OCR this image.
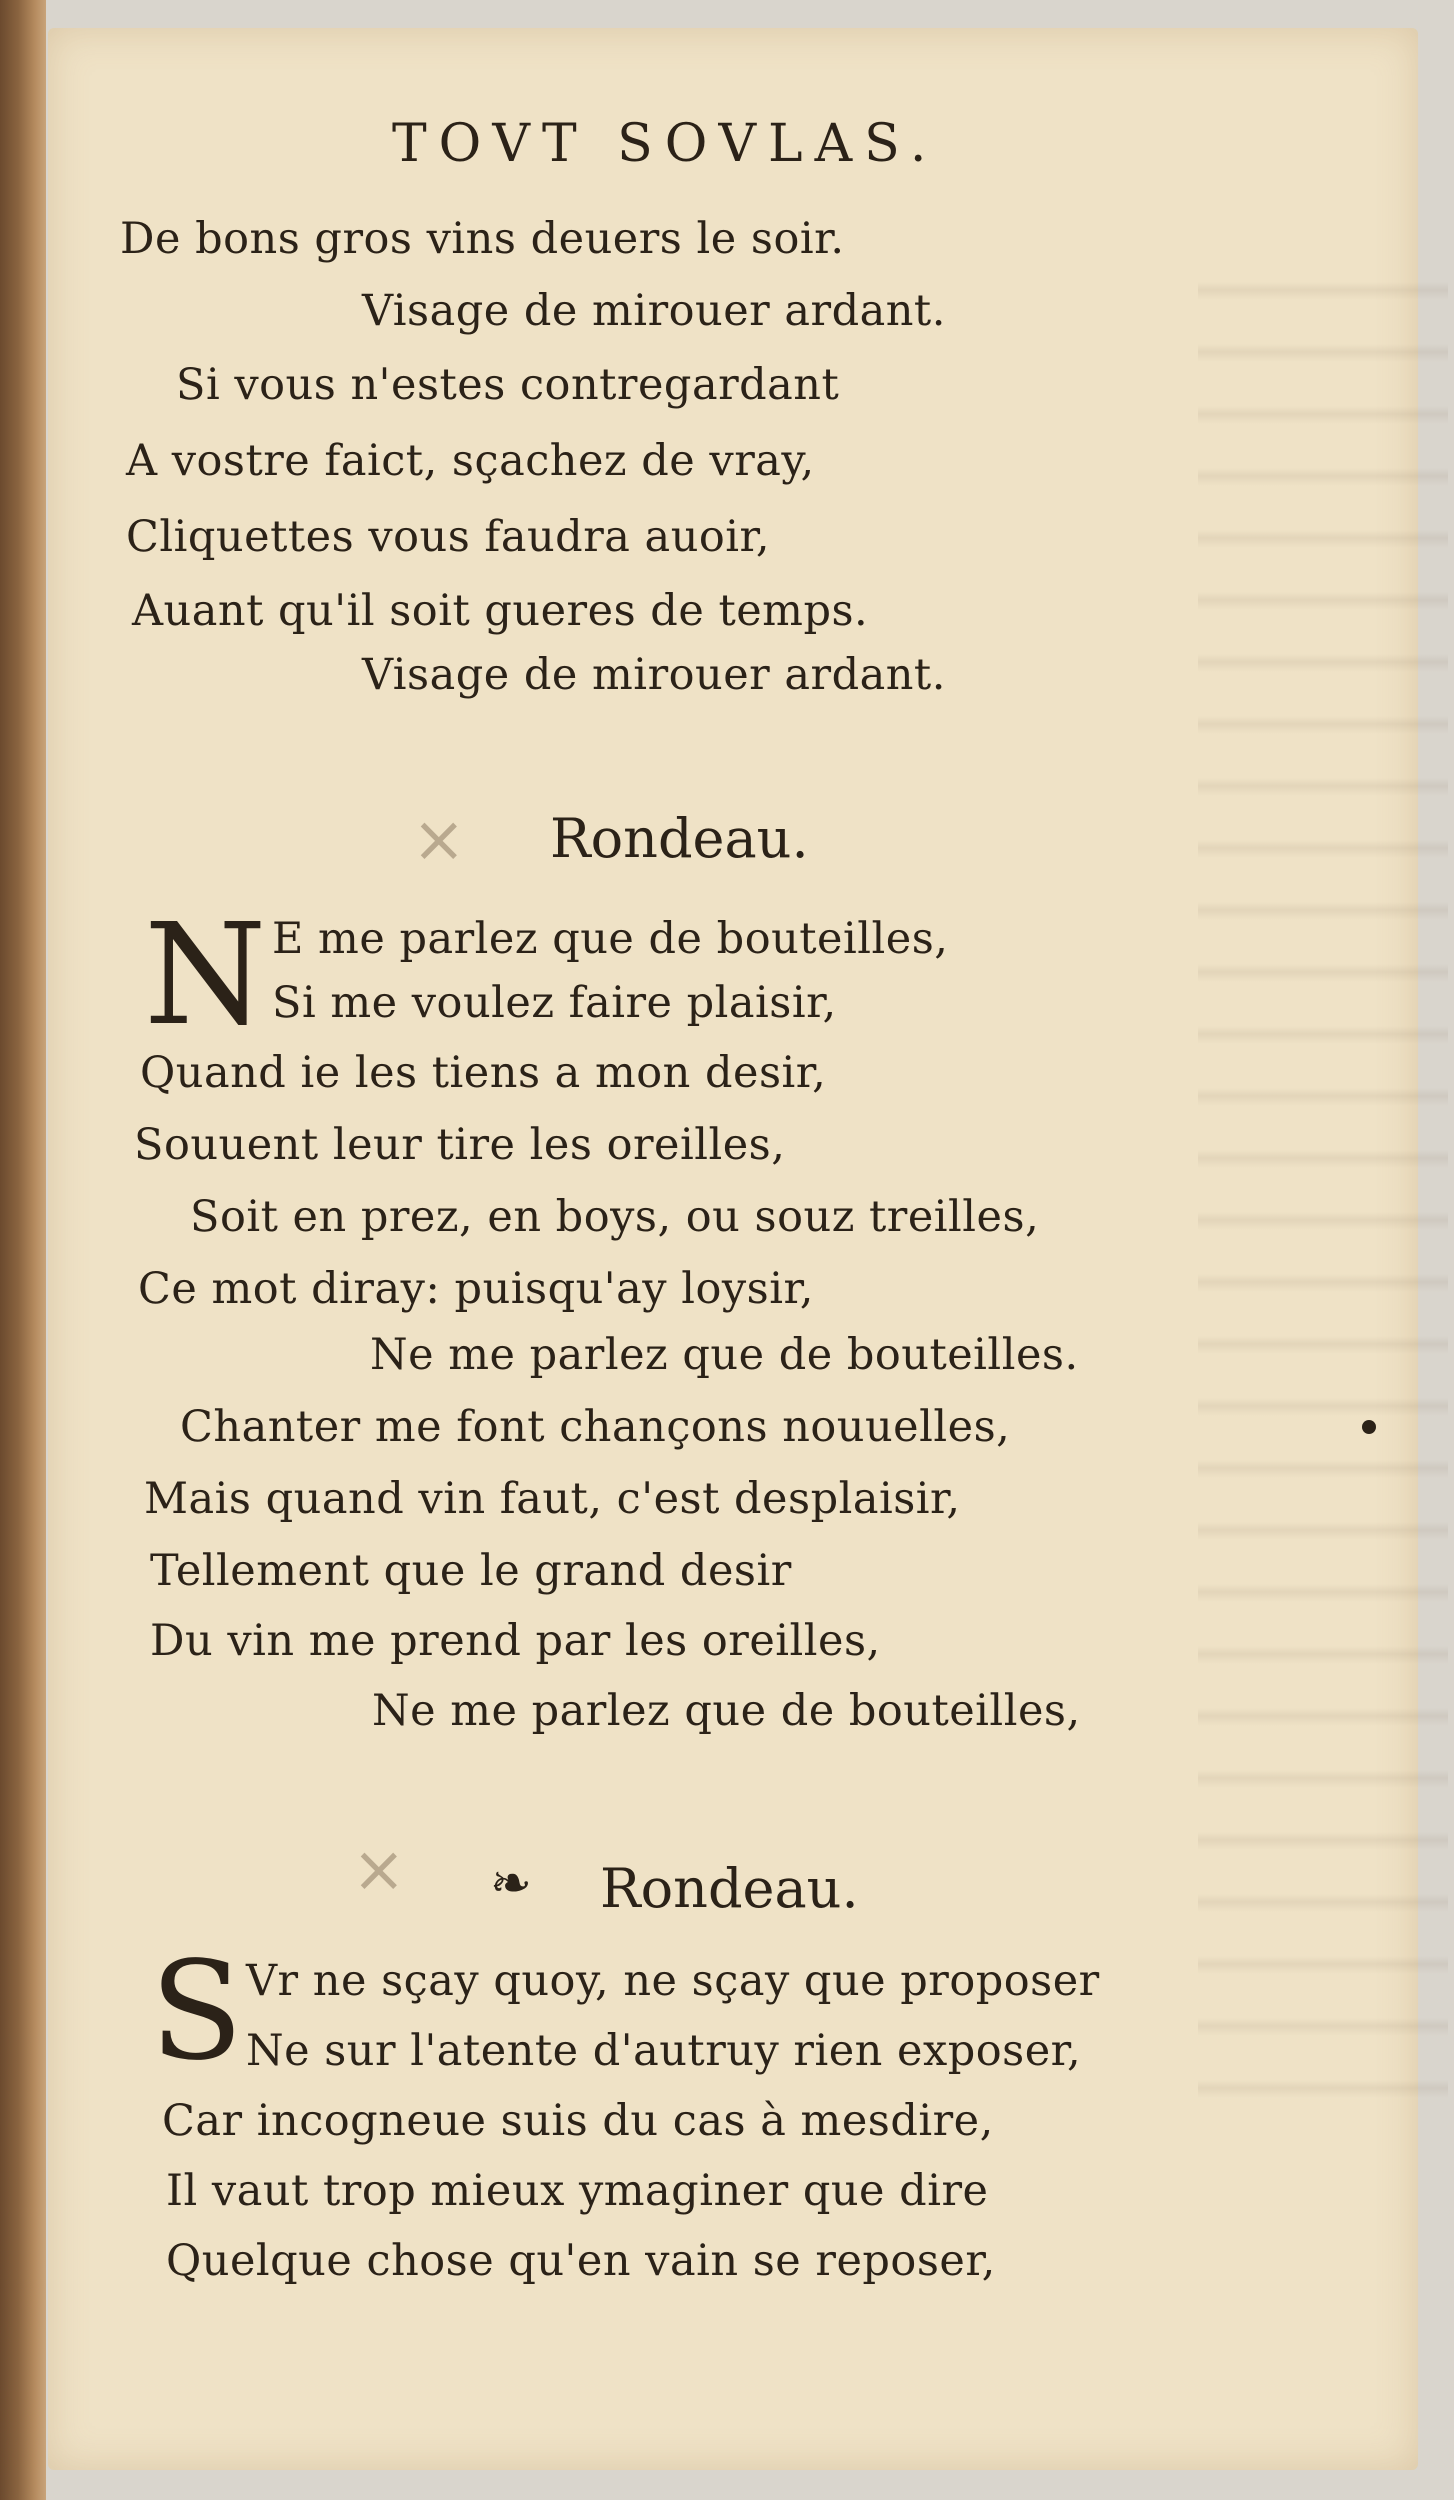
TOVT SOVLAS.
De bons gros vins deuers le soir.
Visage de mirouer ardant.
Si vous n'estes contregardant
A vostre faict, sçachez de vray,
Cliquettes vous faudra auoir,
Auant qu'il soit gueres de temps.
Visage de mirouer ardant.
× Rondeau.
N E me parlez que de bouteilles,
Si me voulez faire plaisir,
Quand ie les tiens a mon desir,
Souuent leur tire les oreilles,
Soit en prez, en boys, ou souz treilles,
Ce mot diray: puisqu'ay loysir,
Ne me parlez que de bouteilles.
Chanter me font chançons nouuelles,
Mais quand vin faut, c'est desplaisir,
Tellement que le grand desir
Du vin me prend par les oreilles,
Ne me parlez que de bouteilles,
× ❧ Rondeau.
S Vr ne sçay quoy, ne sçay que proposer
Ne sur l'atente d'autruy rien exposer,
Car incogneue suis du cas à mesdire,
Il vaut trop mieux ymaginer que dire
Quelque chose qu'en vain se reposer,
